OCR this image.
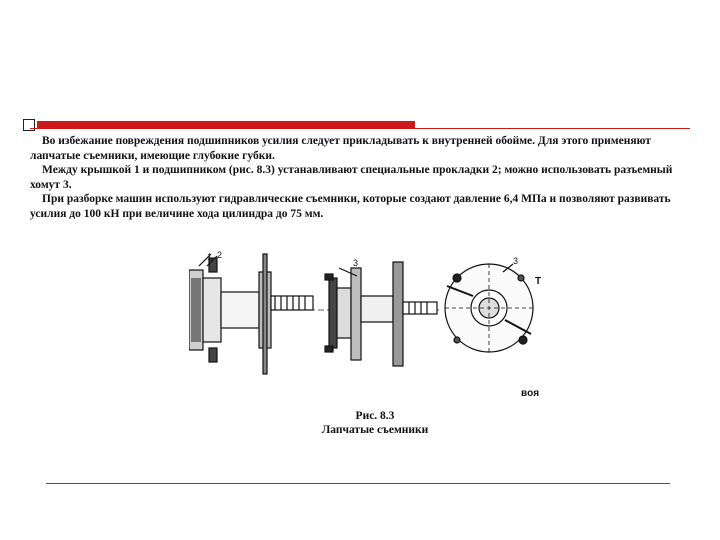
Во избежание повреждения подшипников усилия следует прикладывать к внутренней обойме. Для этого применяют лапчатые съемники, имеющие глубокие губки.

Между крышкой 1 и подшипником (рис. 8.3) устанавливают специальные прокладки 2; можно использовать разъемный хомут 3.

При разборке машин используют гидравлические съемники, которые создают давление 6,4 МПа и позволяют развивать усилия до 100 кН при величине хода цилиндра до 75 мм.

1 2
3	3
Т
вoя
Рис. 8.3
Лапчатые съемники
